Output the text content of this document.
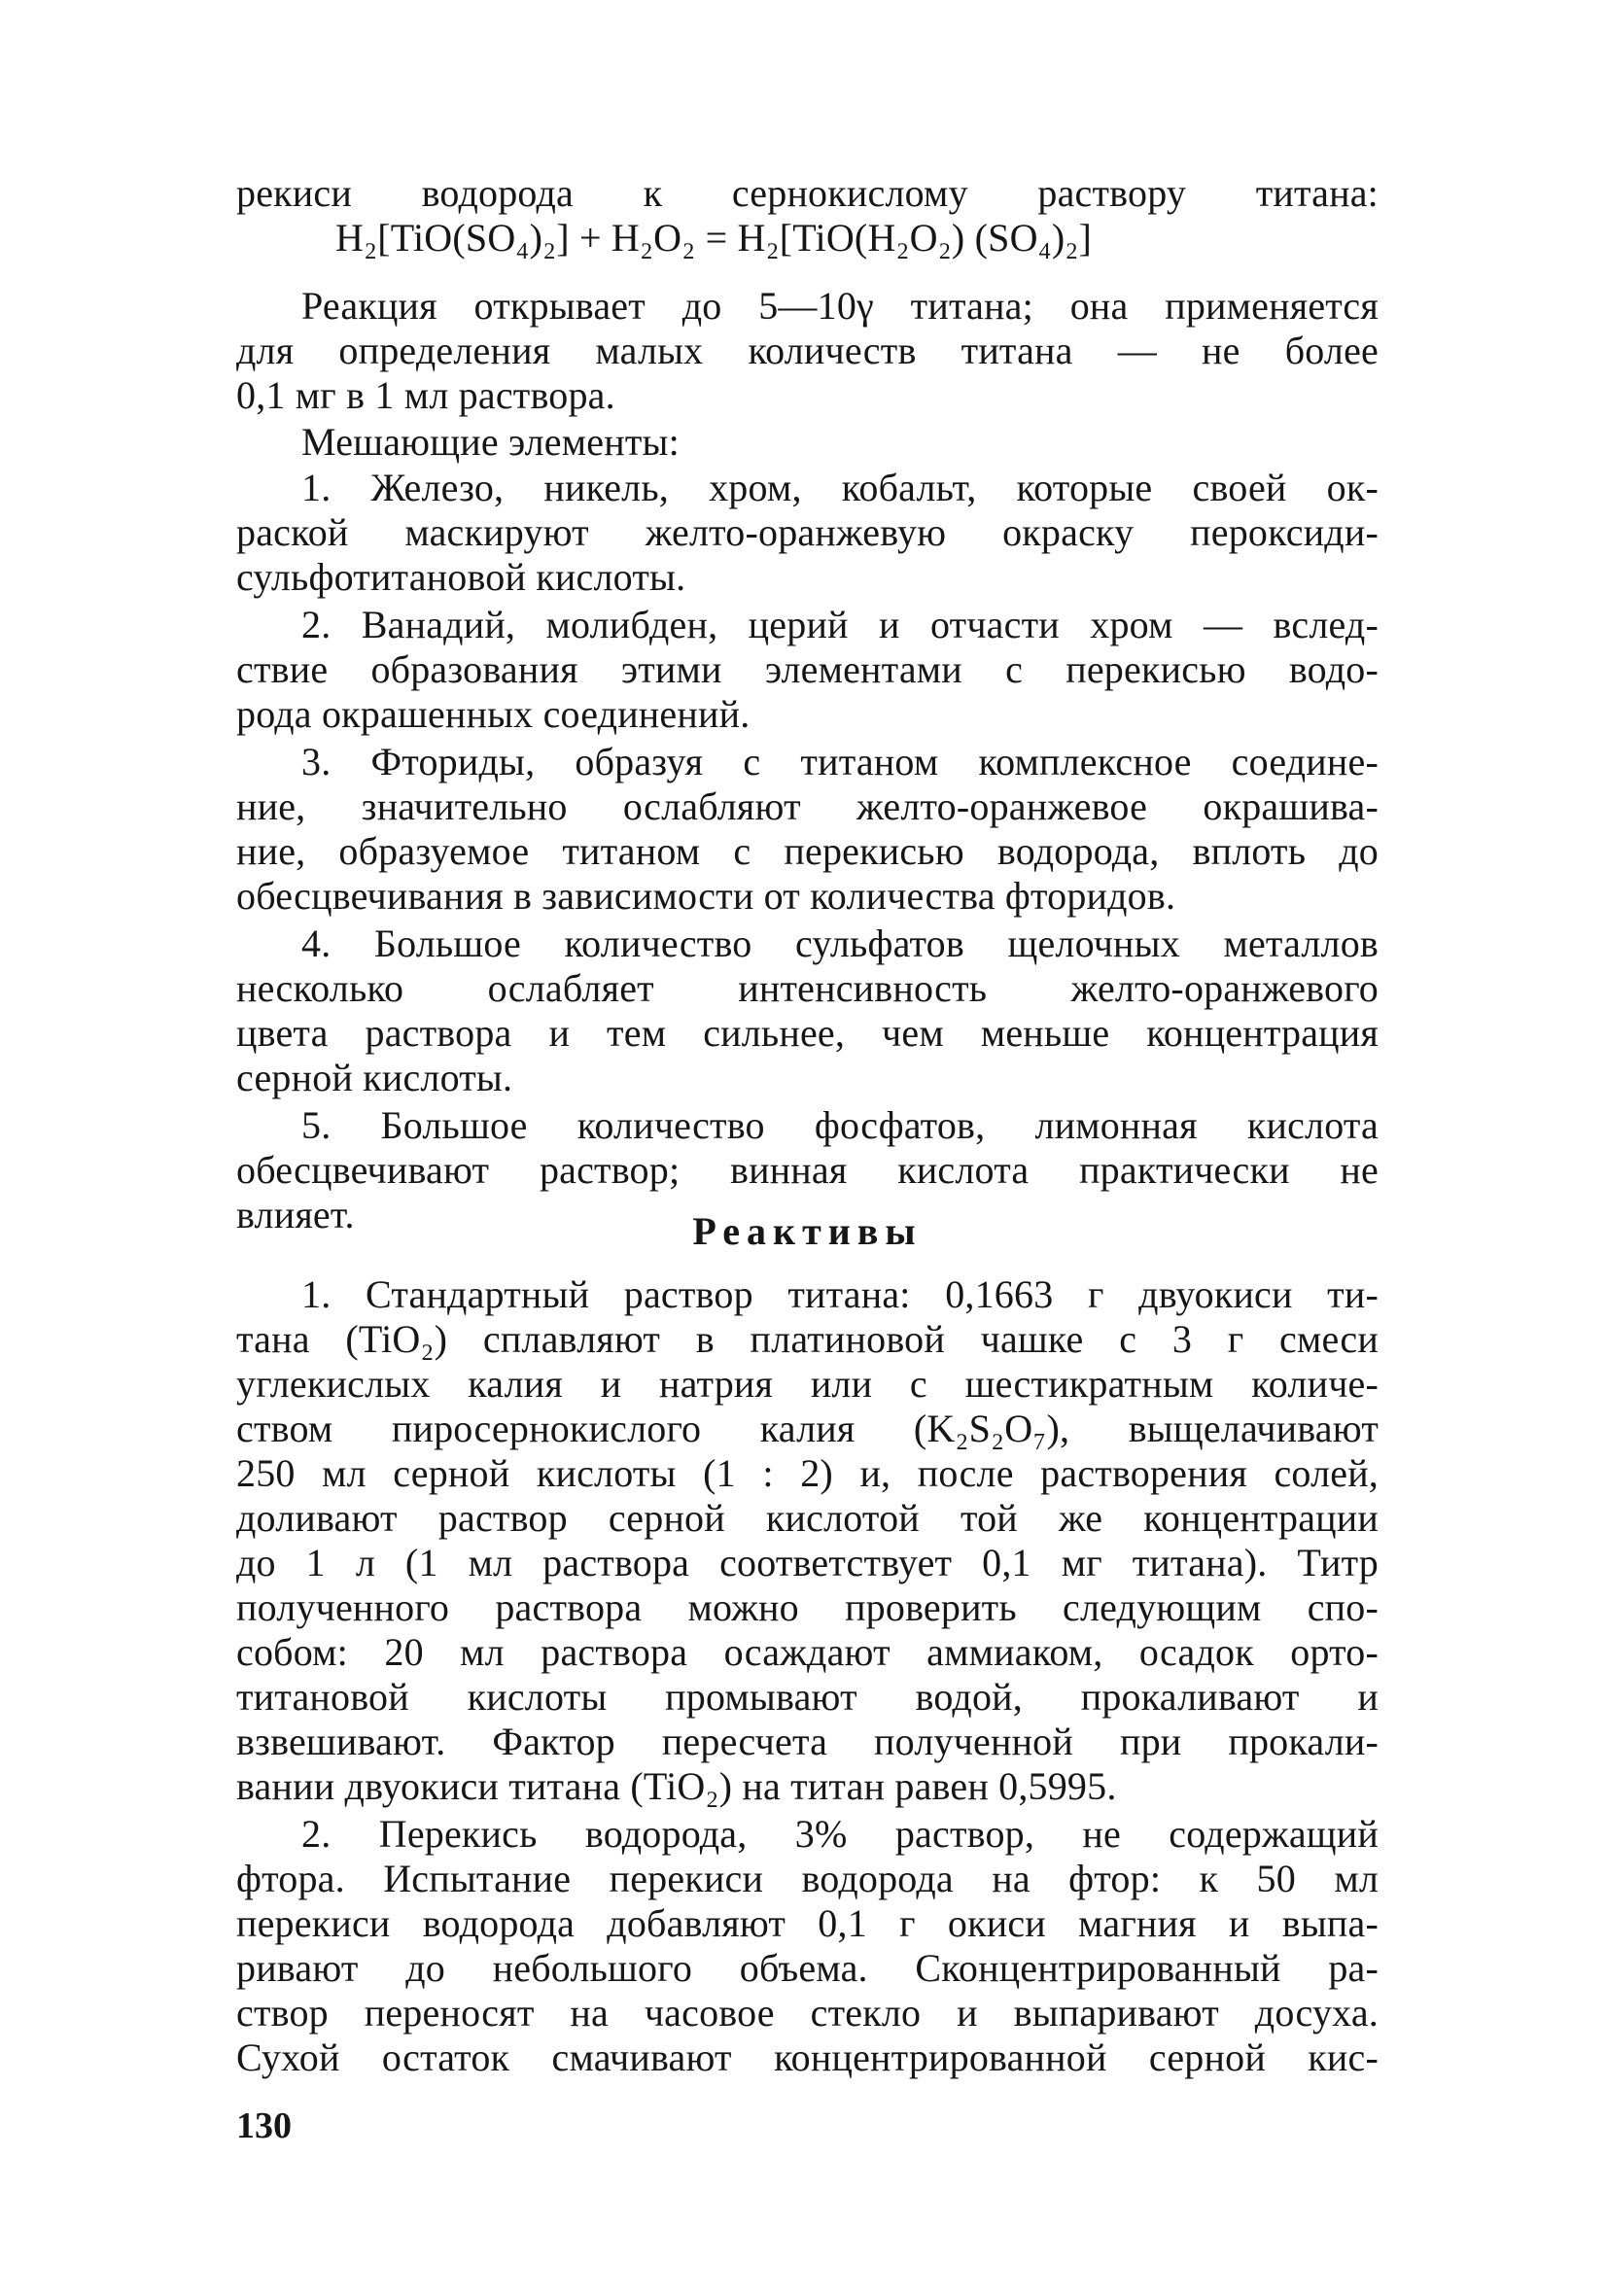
рекиси водорода к сернокислому раствору титана:
H₂[TiO(SO₄)₂] + H₂O₂ = H₂[TiO(H₂O₂) (SO₄)₂]
Реакция открывает до 5—10γ титана; она применяется
для определения малых количеств титана — не более
0,1 мг в 1 мл раствора.
Мешающие элементы:
1. Железо, никель, хром, кобальт, которые своей ок-
раской маскируют желто-оранжевую окраску пероксиди-
сульфотитановой кислоты.
2. Ванадий, молибден, церий и отчасти хром — вслед-
ствие образования этими элементами с перекисью водо-
рода окрашенных соединений.
3. Фториды, образуя с титаном комплексное соедине-
ние, значительно ослабляют желто-оранжевое окрашива-
ние, образуемое титаном с перекисью водорода, вплоть до
обесцвечивания в зависимости от количества фторидов.
4. Большое количество сульфатов щелочных металлов
несколько ослабляет интенсивность желто-оранжевого
цвета раствора и тем сильнее, чем меньше концентрация
серной кислоты.
5. Большое количество фосфатов, лимонная кислота
обесцвечивают раствор; винная кислота практически не
влияет.	Реактивы
1. Стандартный раствор титана: 0,1663 г двуокиси ти-
тана (TiO₂) сплавляют в платиновой чашке с 3 г смеси
углекислых калия и натрия или с шестикратным количе-
ством пиросернокислого калия (K₂S₂O₇), выщелачивают
250 мл серной кислоты (1 : 2) и, после растворения солей,
доливают раствор серной кислотой той же концентрации
до 1 л (1 мл раствора соответствует 0,1 мг титана). Титр
полученного раствора можно проверить следующим спо-
собом: 20 мл раствора осаждают аммиаком, осадок орто-
титановой кислоты промывают водой, прокаливают и
взвешивают. Фактор пересчета полученной при прокали-
вании двуокиси титана (TiO₂) на титан равен 0,5995.
2. Перекись водорода, 3% раствор, не содержащий
фтора. Испытание перекиси водорода на фтор: к 50 мл
перекиси водорода добавляют 0,1 г окиси магния и выпа-
ривают до небольшого объема. Сконцентрированный ра-
створ переносят на часовое стекло и выпаривают досуха.
Сухой остаток смачивают концентрированной серной кис-
130
